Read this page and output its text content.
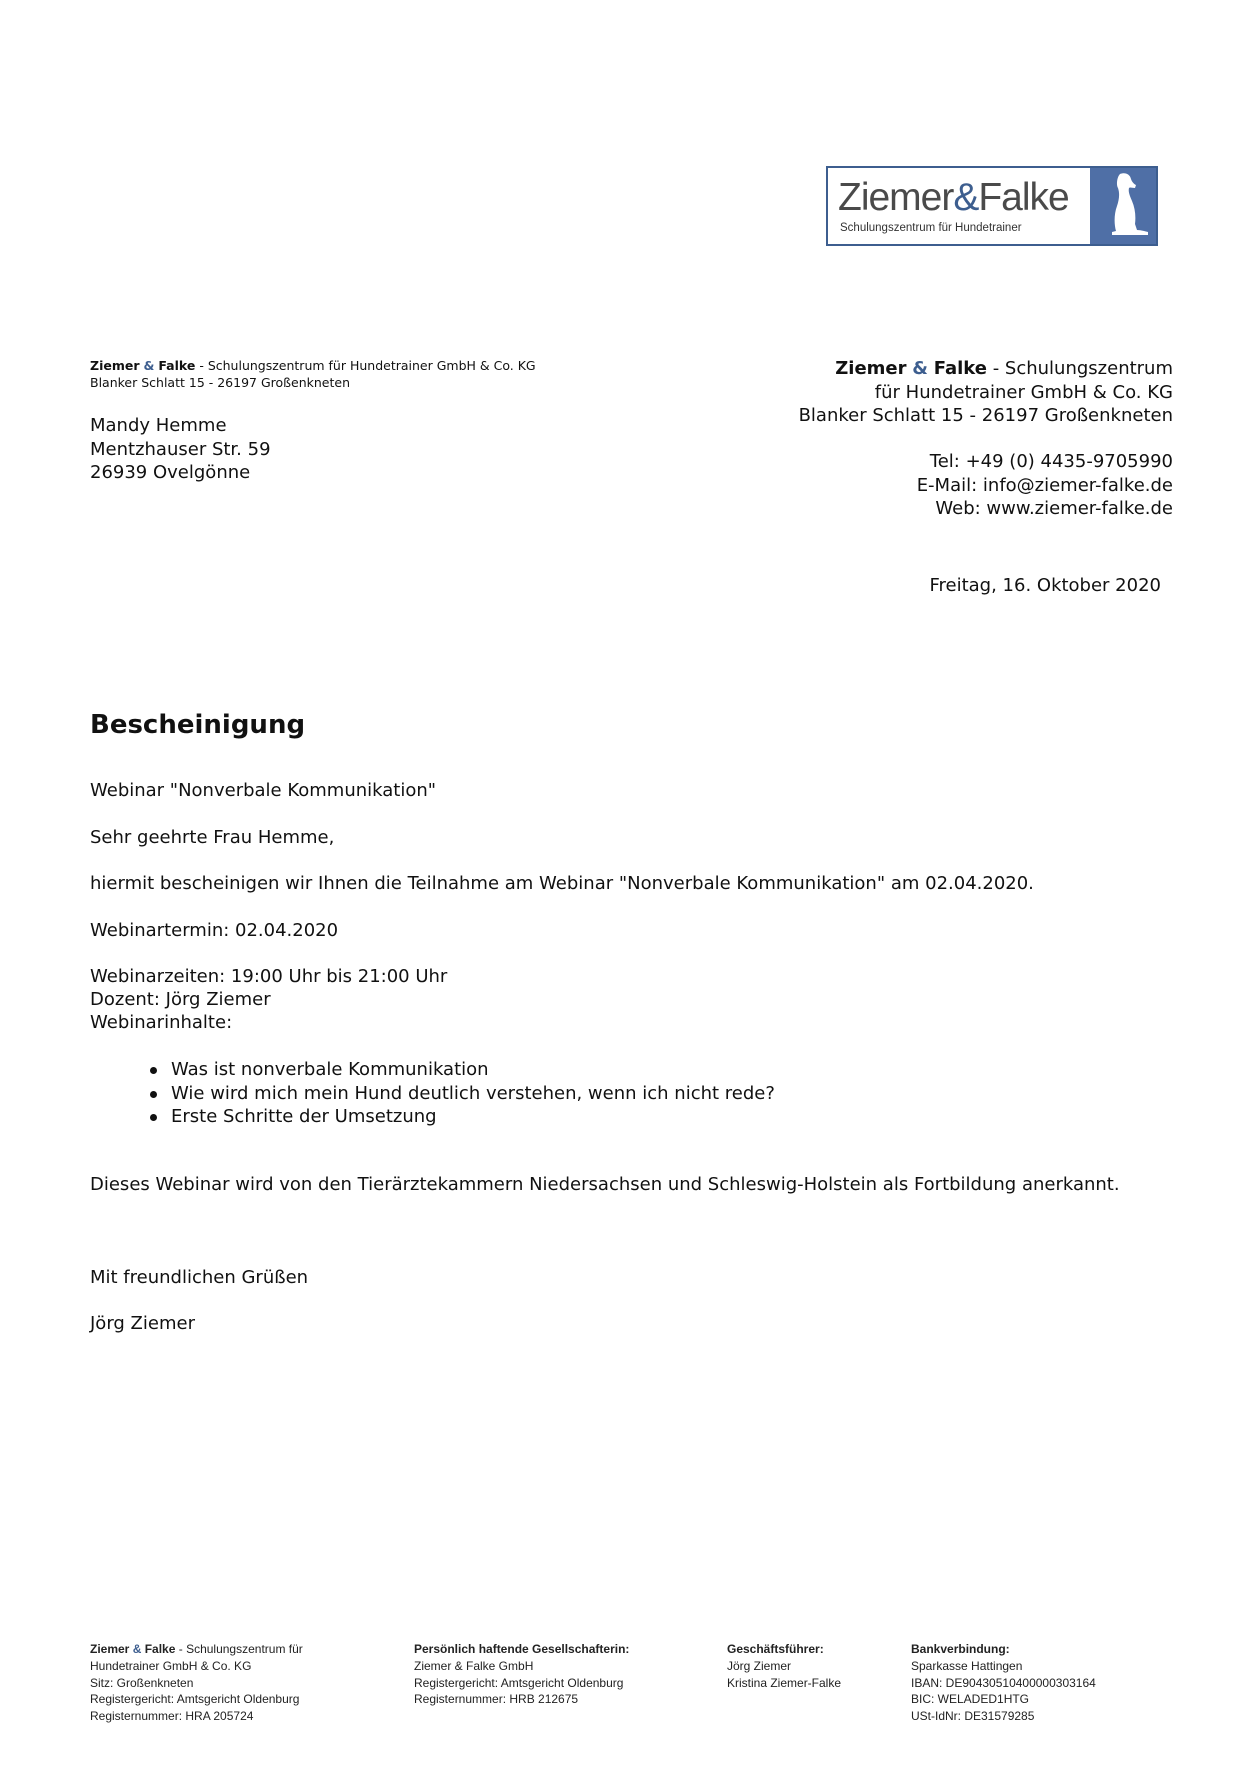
Ziemer&Falke
Schulungszentrum für Hundetrainer
Ziemer & Falke - Schulungszentrum für Hundetrainer GmbH & Co. KG
Blanker Schlatt 15 - 26197 Großenkneten
Mandy Hemme
Mentzhauser Str. 59
26939 Ovelgönne
Ziemer & Falke - Schulungszentrum
für Hundetrainer GmbH & Co. KG
Blanker Schlatt 15 - 26197 Großenkneten
Tel: +49 (0) 4435-9705990
E-Mail: info@ziemer-falke.de
Web: www.ziemer-falke.de
Freitag, 16. Oktober 2020
Bescheinigung
Webinar "Nonverbale Kommunikation"
Sehr geehrte Frau Hemme,
hiermit bescheinigen wir Ihnen die Teilnahme am Webinar "Nonverbale Kommunikation" am 02.04.2020.
Webinartermin: 02.04.2020
Webinarzeiten: 19:00 Uhr bis 21:00 Uhr
Dozent: Jörg Ziemer
Webinarinhalte:
Was ist nonverbale Kommunikation
Wie wird mich mein Hund deutlich verstehen, wenn ich nicht rede?
Erste Schritte der Umsetzung
Dieses Webinar wird von den Tierärztekammern Niedersachsen und Schleswig-Holstein als Fortbildung anerkannt.
Mit freundlichen Grüßen
Jörg Ziemer
Ziemer & Falke - Schulungszentrum für
Hundetrainer GmbH & Co. KG
Sitz: Großenkneten
Registergericht: Amtsgericht Oldenburg
Registernummer: HRA 205724
Persönlich haftende Gesellschafterin:
Ziemer & Falke GmbH
Registergericht: Amtsgericht Oldenburg
Registernummer: HRB 212675
Geschäftsführer:
Jörg Ziemer
Kristina Ziemer-Falke
Bankverbindung:
Sparkasse Hattingen
IBAN: DE90430510400000303164
BIC: WELADED1HTG
USt-IdNr: DE31579285
